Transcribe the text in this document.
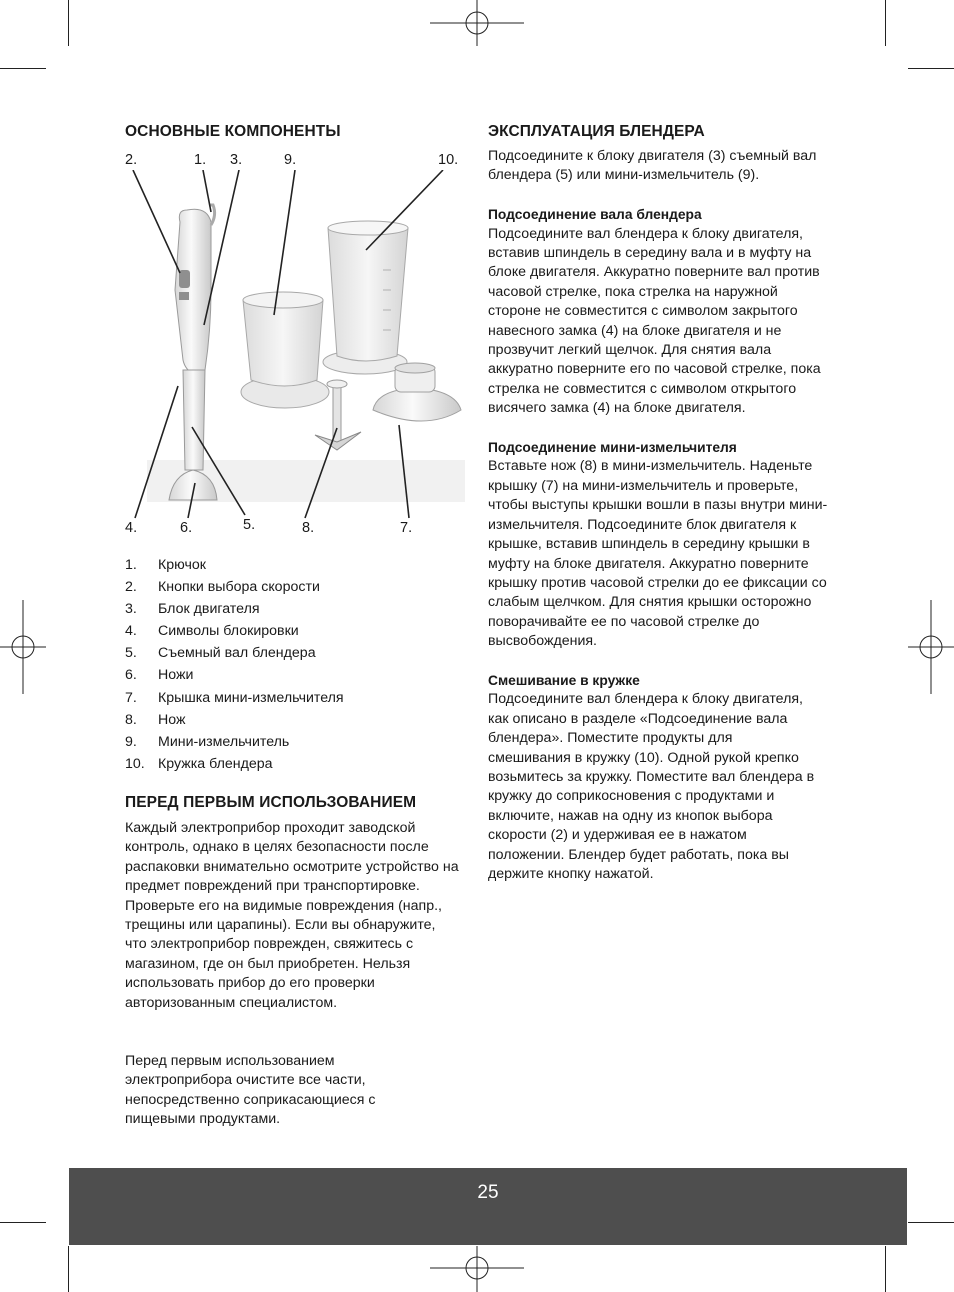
ОСНОВНЫЕ КОМПОНЕНТЫ
2.	1. 3.	9.	10.
4.	6.	5.	8.	7.
1. Крючок
2. Кнопки выбора скорости
3. Блок двигателя
4. Символы блокировки
5. Съемный вал блендера
6. Ножи
7. Крышка мини-измельчителя
8. Нож
9. Мини-измельчитель
10. Кружка блендера
ПЕРЕД ПЕРВЫМ ИСПОЛЬЗОВАНИЕМ

Каждый электроприбор проходит заводской контроль, однако в целях безопасности после распаковки внимательно осмотрите устройство на предмет повреждений при транспортировке. Проверьте его на видимые повреждения (напр., трещины или царапины). Если вы обнаружите, что электроприбор поврежден, свяжитесь с магазином, где он был приобретен. Нельзя использовать прибор до его проверки авторизованным специалистом.

Перед первым использованием электроприбора очистите все части, непосредственно соприкасающиеся с пищевыми продуктами.

ЭКСПЛУАТАЦИЯ БЛЕНДЕРА

Подсоедините к блоку двигателя (3) съемный вал блендера (5) или мини-измельчитель (9).

Подсоединение вала блендера

Подсоедините вал блендера к блоку двигателя, вставив шпиндель в середину вала и в муфту на блоке двигателя. Аккуратно поверните вал против часовой стрелке, пока стрелка на наружной стороне не совместится с символом закрытого навесного замка (4) на блоке двигателя и не прозвучит легкий щелчок. Для снятия вала аккуратно поверните его по часовой стрелке, пока стрелка не совместится с символом открытого висячего замка (4) на блоке двигателя.

Подсоединение мини-измельчителя

Вставьте нож (8) в мини-измельчитель. Наденьте крышку (7) на мини-измельчитель и проверьте, чтобы выступы крышки вошли в пазы внутри мини-измельчителя. Подсоедините блок двигателя к крышке, вставив шпиндель в середину крышки в муфту на блоке двигателя. Аккуратно поверните крышку против часовой стрелки до ее фиксации со слабым щелчком. Для снятия крышки осторожно поворачивайте ее по часовой стрелке до высвобождения.

Смешивание в кружке

Подсоедините вал блендера к блоку двигателя, как описано в разделе «Подсоединение вала блендера». Поместите продукты для смешивания в кружку (10). Одной рукой крепко возьмитесь за кружку. Поместите вал блендера в кружку до соприкосновения с продуктами и включите, нажав на одну из кнопок выбора скорости (2) и удерживая ее в нажатом положении. Блендер будет работать, пока вы держите кнопку нажатой.

25
